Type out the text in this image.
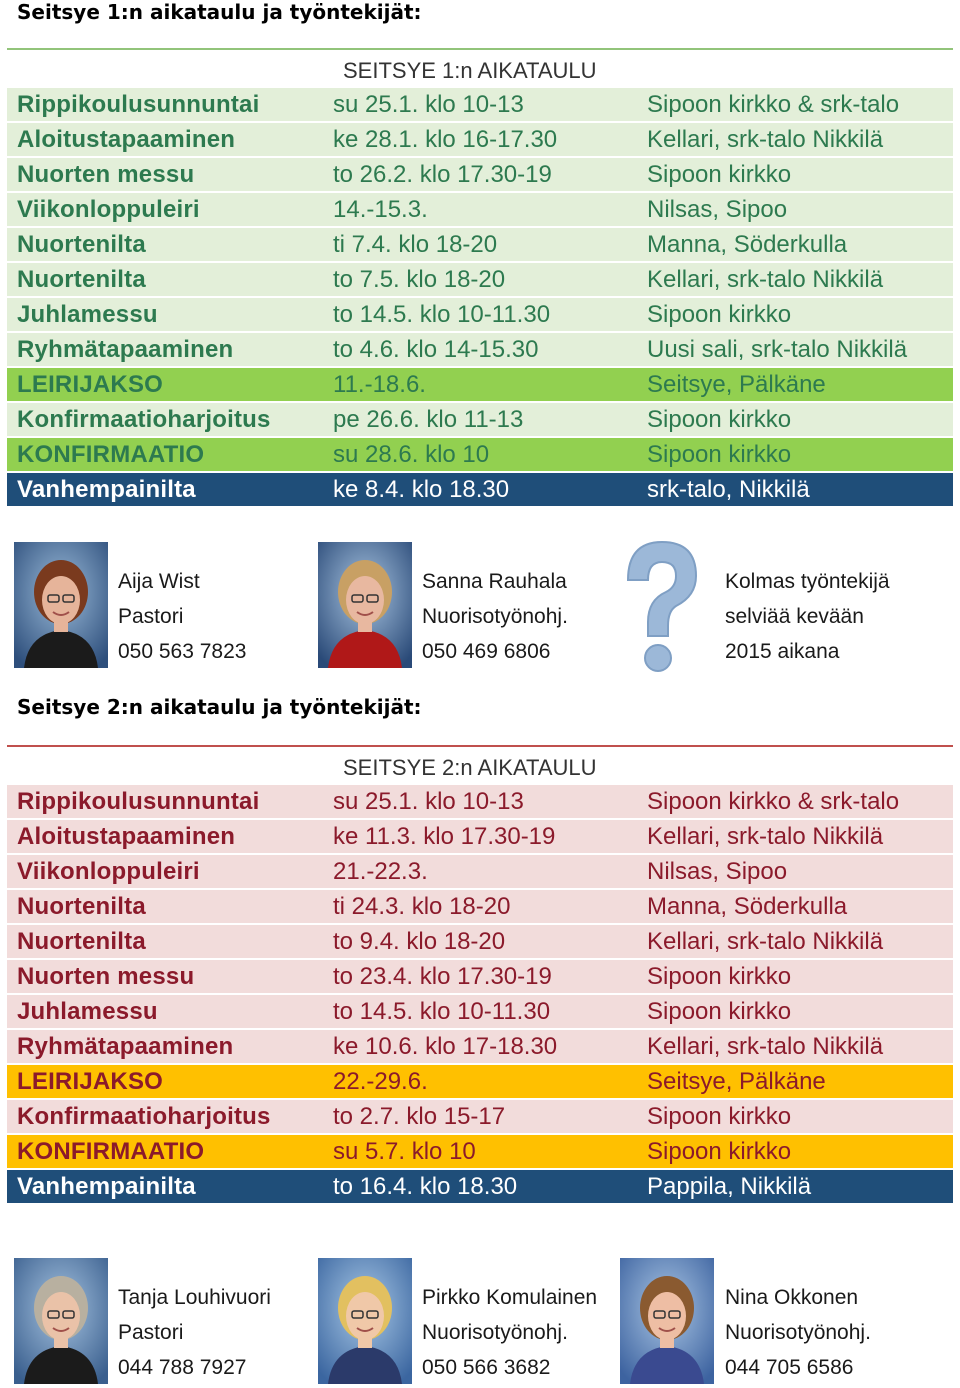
Seitsye 1:n aikataulu ja työntekijät:
SEITSYE 1:n AIKATAULU
Rippikoulusunnuntai	su 25.1. klo 10-13	Sipoon kirkko & srk-talo
Aloitustapaaminen	ke 28.1. klo 16-17.30	Kellari, srk-talo Nikkilä
Nuorten messu	to 26.2. klo 17.30-19	Sipoon kirkko
Viikonloppuleiri	14.-15.3.	Nilsas, Sipoo
Nuortenilta	ti 7.4. klo 18-20	Manna, Söderkulla
Nuortenilta	to 7.5. klo 18-20	Kellari, srk-talo Nikkilä
Juhlamessu	to 14.5. klo 10-11.30	Sipoon kirkko
Ryhmätapaaminen	to 4.6. klo 14-15.30	Uusi sali, srk-talo Nikkilä
LEIRIJAKSO	11.-18.6.	Seitsye, Pälkäne
Konfirmaatioharjoitus	pe 26.6. klo 11-13	Sipoon kirkko
KONFIRMAATIO	su 28.6. klo 10	Sipoon kirkko
Vanhempainilta	ke 8.4. klo 18.30	srk-talo, Nikkilä
Aija Wist
Pastori
050 563 7823
Sanna Rauhala
Nuorisotyönohj.
050 469 6806
Kolmas työntekijä
selviää kevään
2015 aikana
Seitsye 2:n aikataulu ja työntekijät:
SEITSYE 2:n AIKATAULU
Rippikoulusunnuntai	su 25.1. klo 10-13	Sipoon kirkko & srk-talo
Aloitustapaaminen	ke 11.3. klo 17.30-19	Kellari, srk-talo Nikkilä
Viikonloppuleiri	21.-22.3.	Nilsas, Sipoo
Nuortenilta	ti 24.3. klo 18-20	Manna, Söderkulla
Nuortenilta	to 9.4. klo 18-20	Kellari, srk-talo Nikkilä
Nuorten messu	to 23.4. klo 17.30-19	Sipoon kirkko
Juhlamessu	to 14.5. klo 10-11.30	Sipoon kirkko
Ryhmätapaaminen	ke 10.6. klo 17-18.30	Kellari, srk-talo Nikkilä
LEIRIJAKSO	22.-29.6.	Seitsye, Pälkäne
Konfirmaatioharjoitus	to 2.7. klo 15-17	Sipoon kirkko
KONFIRMAATIO	su 5.7. klo 10	Sipoon kirkko
Vanhempainilta	to 16.4. klo 18.30	Pappila, Nikkilä
Tanja Louhivuori
Pastori
044 788 7927
Pirkko Komulainen
Nuorisotyönohj.
050 566 3682
Nina Okkonen
Nuorisotyönohj.
044 705 6586
